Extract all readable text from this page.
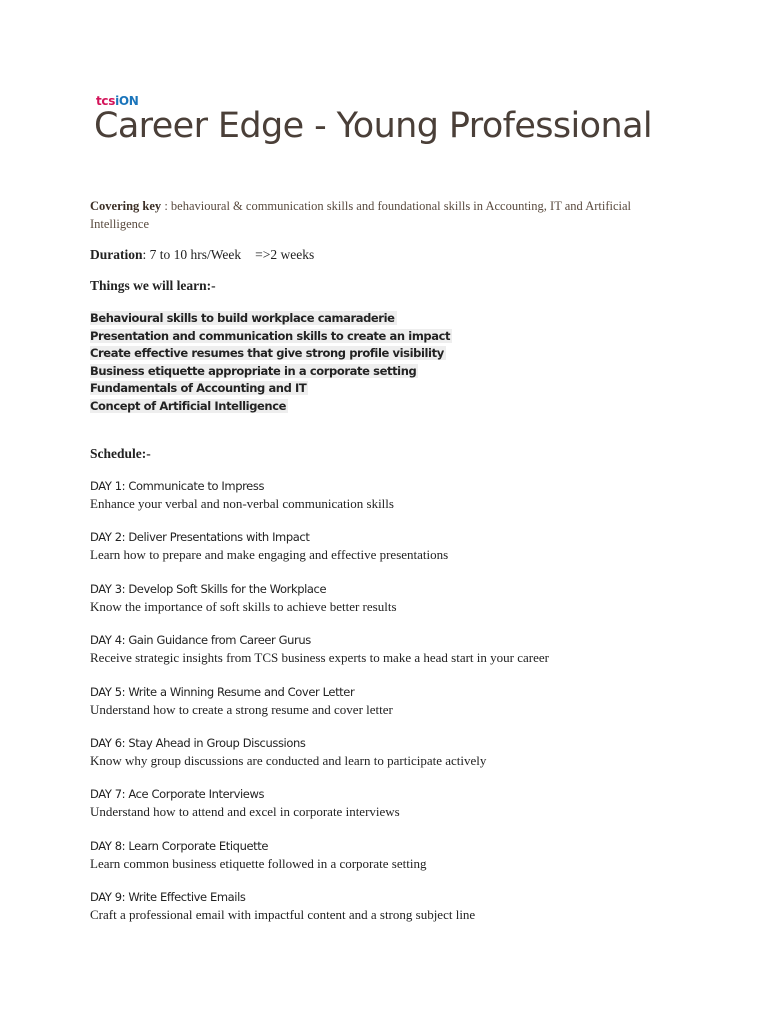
tcsiON
Career Edge - Young Professional
Covering key : behavioural & communication skills and foundational skills in Accounting, IT and Artificial Intelligence
Duration: 7 to 10 hrs/Week =>2 weeks
Things we will learn:-
Behavioural skills to build workplace camaraderie
Presentation and communication skills to create an impact
Create effective resumes that give strong profile visibility
Business etiquette appropriate in a corporate setting
Fundamentals of Accounting and IT
Concept of Artificial Intelligence
Schedule:-
DAY 1: Communicate to Impress
Enhance your verbal and non-verbal communication skills
DAY 2: Deliver Presentations with Impact
Learn how to prepare and make engaging and effective presentations
DAY 3: Develop Soft Skills for the Workplace
Know the importance of soft skills to achieve better results
DAY 4: Gain Guidance from Career Gurus
Receive strategic insights from TCS business experts to make a head start in your career
DAY 5: Write a Winning Resume and Cover Letter
Understand how to create a strong resume and cover letter
DAY 6: Stay Ahead in Group Discussions
Know why group discussions are conducted and learn to participate actively
DAY 7: Ace Corporate Interviews
Understand how to attend and excel in corporate interviews
DAY 8: Learn Corporate Etiquette
Learn common business etiquette followed in a corporate setting
DAY 9: Write Effective Emails
Craft a professional email with impactful content and a strong subject line
